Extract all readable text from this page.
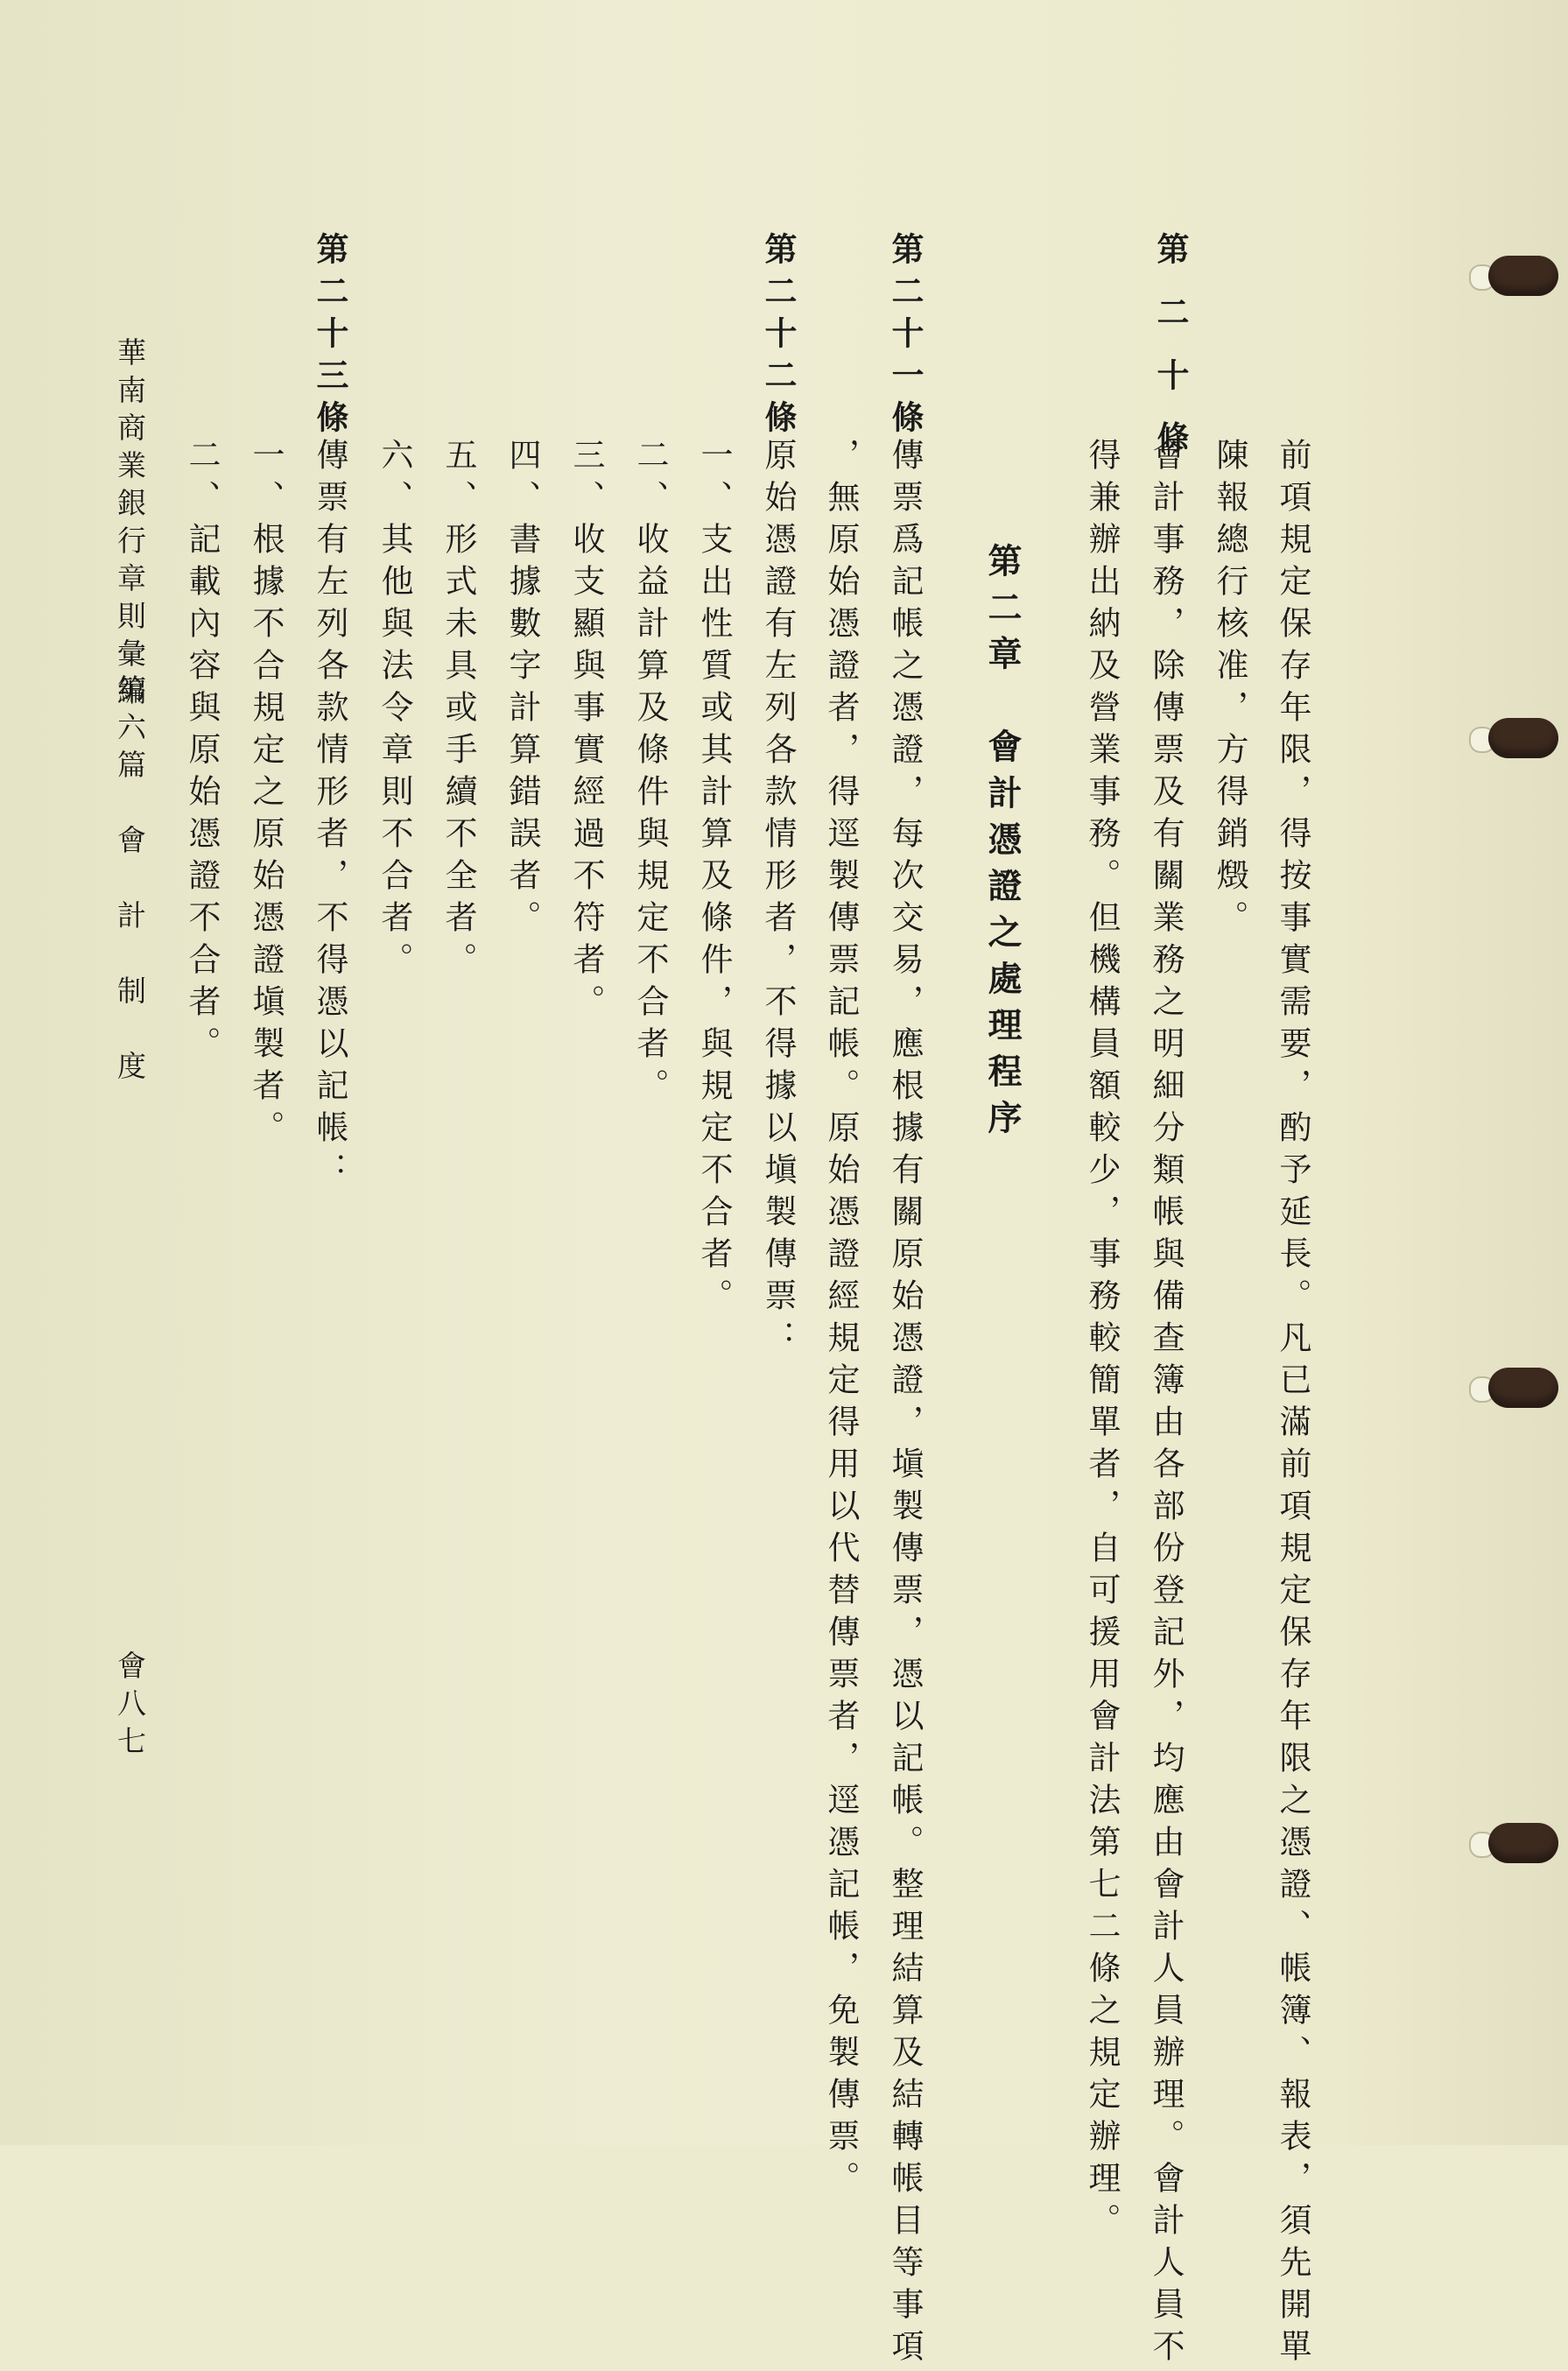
第 二 十 條
前項規定保存年限，得按事實需要，酌予延長。凡已滿前項規定保存年限之憑證、帳簿、報表，須先開單
陳報總行核准，方得銷燬。
會計事務，除傳票及有關業務之明細分類帳與備查簿由各部份登記外，均應由會計人員辦理。會計人員不
得兼辦出納及營業事務。但機構員額較少，事務較簡單者，自可援用會計法第七二條之規定辦理。
第二章　會計憑證之處理程序
第二十一條
傳票爲記帳之憑證，每次交易，應根據有關原始憑證，塡製傳票，憑以記帳。整理結算及結轉帳目等事項
，無原始憑證者，得逕製傳票記帳。原始憑證經規定得用以代替傳票者，逕憑記帳，免製傳票。
第二十二條
原始憑證有左列各款情形者，不得據以塡製傳票：
一、支出性質或其計算及條件，與規定不合者。
二、收益計算及條件與規定不合者。
三、收支顯與事實經過不符者。
四、書據數字計算錯誤者。
五、形式未具或手續不全者。
六、其他與法令章則不合者。
第二十三條
傳票有左列各款情形者，不得憑以記帳：
一、根據不合規定之原始憑證塡製者。
二、記載內容與原始憑證不合者。
華南商業銀行章則彙編
第六篇　會　計　制　度
會八七
